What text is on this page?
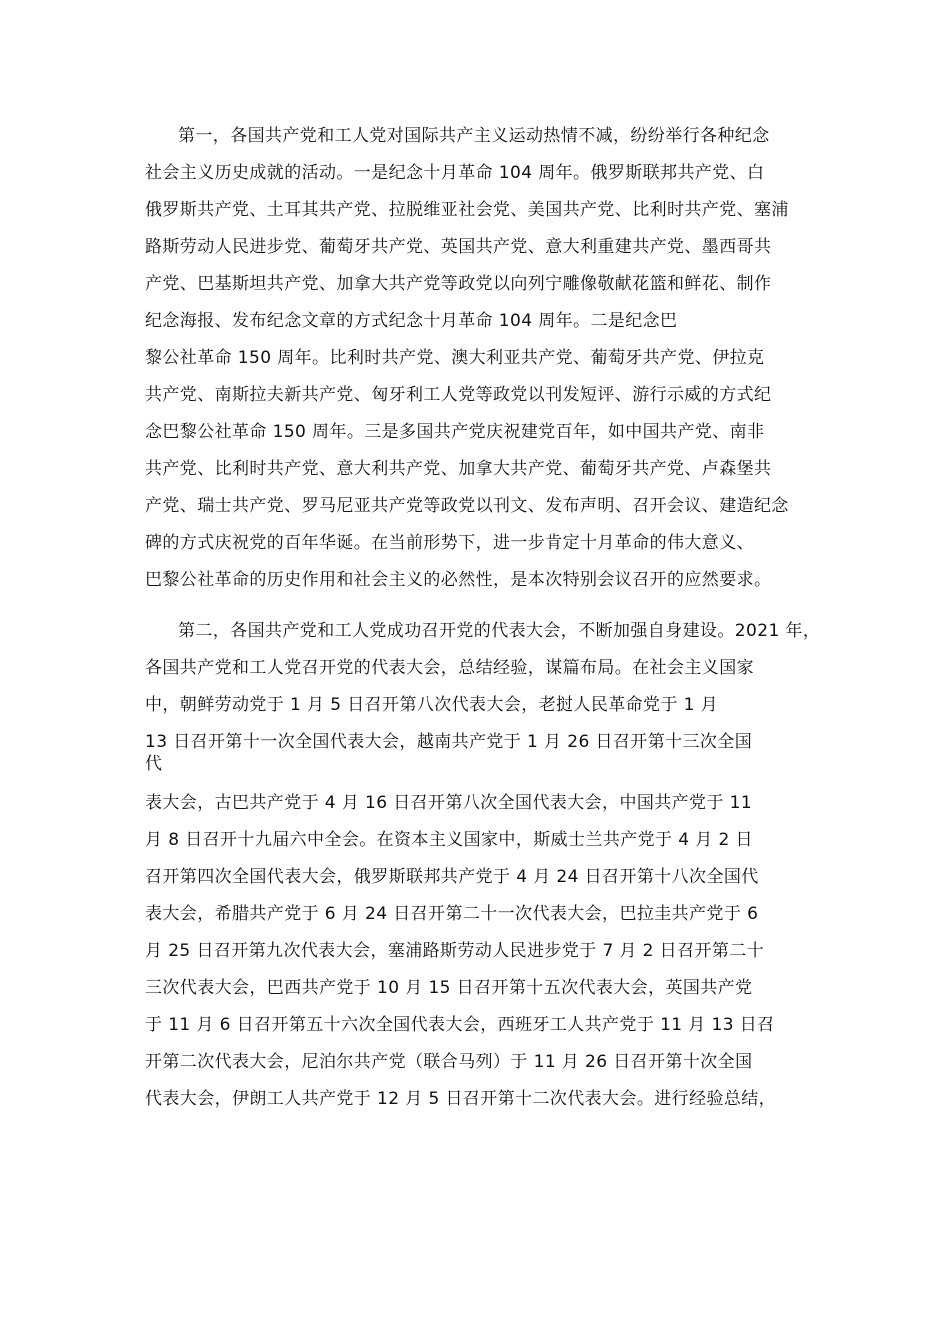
第一，各国共产党和工人党对国际共产主义运动热情不减，纷纷举行各种纪念
社会主义历史成就的活动。一是纪念十月革命 104 周年。俄罗斯联邦共产党、白
俄罗斯共产党、土耳其共产党、拉脱维亚社会党、美国共产党、比利时共产党、塞浦
路斯劳动人民进步党、葡萄牙共产党、英国共产党、意大利重建共产党、墨西哥共
产党、巴基斯坦共产党、加拿大共产党等政党以向列宁雕像敬献花篮和鲜花、制作
纪念海报、发布纪念文章的方式纪念十月革命 104 周年。二是纪念巴
黎公社革命 150 周年。比利时共产党、澳大利亚共产党、葡萄牙共产党、伊拉克
共产党、南斯拉夫新共产党、匈牙利工人党等政党以刊发短评、游行示威的方式纪
念巴黎公社革命 150 周年。三是多国共产党庆祝建党百年，如中国共产党、南非
共产党、比利时共产党、意大利共产党、加拿大共产党、葡萄牙共产党、卢森堡共
产党、瑞士共产党、罗马尼亚共产党等政党以刊文、发布声明、召开会议、建造纪念
碑的方式庆祝党的百年华诞。在当前形势下，进一步肯定十月革命的伟大意义、
巴黎公社革命的历史作用和社会主义的必然性，是本次特别会议召开的应然要求。
第二，各国共产党和工人党成功召开党的代表大会，不断加强自身建设。2021 年，
各国共产党和工人党召开党的代表大会，总结经验，谋篇布局。在社会主义国家
中，朝鲜劳动党于 1 月 5 日召开第八次代表大会，老挝人民革命党于 1 月
13 日召开第十一次全国代表大会，越南共产党于 1 月 26 日召开第十三次全国
代
表大会，古巴共产党于 4 月 16 日召开第八次全国代表大会，中国共产党于 11
月 8 日召开十九届六中全会。在资本主义国家中，斯威士兰共产党于 4 月 2 日
召开第四次全国代表大会，俄罗斯联邦共产党于 4 月 24 日召开第十八次全国代
表大会，希腊共产党于 6 月 24 日召开第二十一次代表大会，巴拉圭共产党于 6
月 25 日召开第九次代表大会，塞浦路斯劳动人民进步党于 7 月 2 日召开第二十
三次代表大会，巴西共产党于 10 月 15 日召开第十五次代表大会，英国共产党
于 11 月 6 日召开第五十六次全国代表大会，西班牙工人共产党于 11 月 13 日召
开第二次代表大会，尼泊尔共产党（联合马列）于 11 月 26 日召开第十次全国
代表大会，伊朗工人共产党于 12 月 5 日召开第十二次代表大会。进行经验总结，
